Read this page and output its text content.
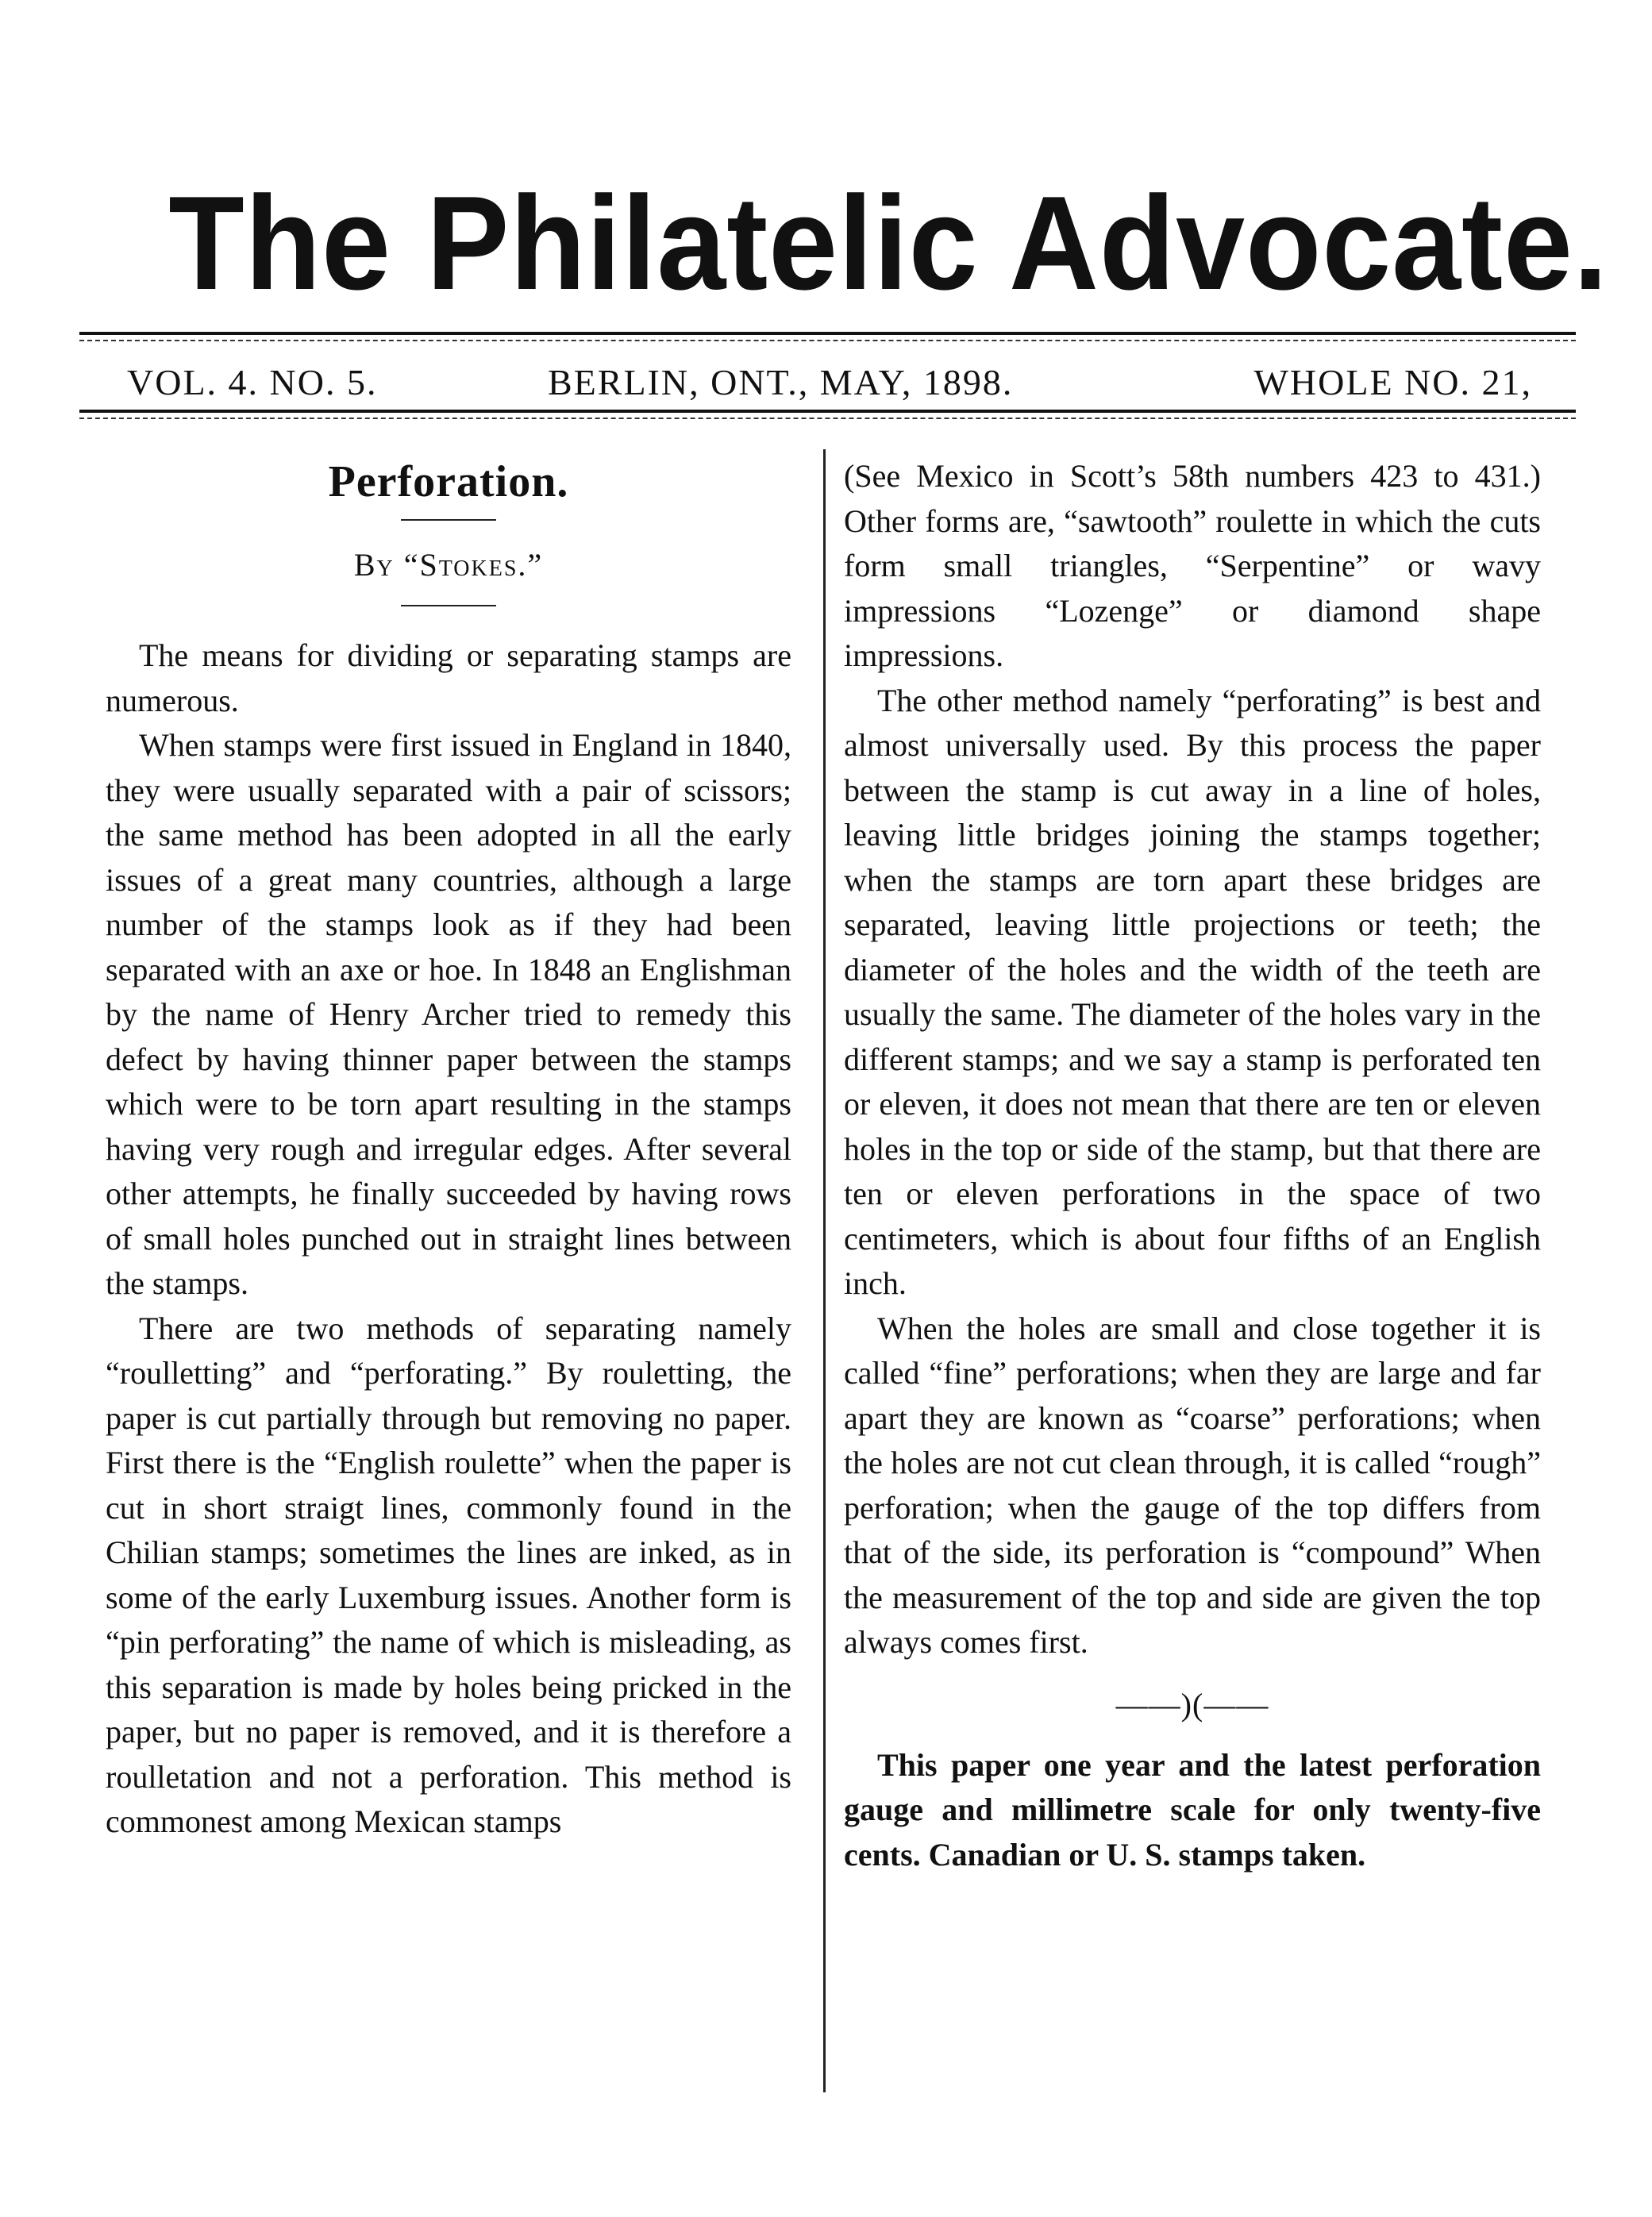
The Philatelic Advocate.
VOL. 4. NO. 5.	BERLIN, ONT., MAY, 1898.	WHOLE NO. 21,
Perforation.
By “Stokes.”

The means for dividing or separating stamps are numerous.

When stamps were first issued in England in 1840, they were usually separated with a pair of scissors; the same method has been adopted in all the early issues of a great many countries, although a large number of the stamps look as if they had been separated with an axe or hoe. In 1848 an Englishman by the name of Henry Archer tried to remedy this defect by having thinner paper between the stamps which were to be torn apart resulting in the stamps having very rough and irregular edges. After several other attempts, he finally succeeded by having rows of small holes punched out in straight lines between the stamps.

There are two methods of separating namely “roulletting” and “perforating.” By rouletting, the paper is cut partially through but removing no paper. First there is the “English roulette” when the paper is cut in short straigt lines, commonly found in the Chilian stamps; sometimes the lines are inked, as in some of the early Luxemburg issues. Another form is “pin perforating” the name of which is misleading, as this separation is made by holes being pricked in the paper, but no paper is removed, and it is therefore a roulletation and not a perforation. This method is commonest among Mexican stamps

(See Mexico in Scott’s 58th numbers 423 to 431.) Other forms are, “sawtooth” roulette in which the cuts form small triangles, “Serpentine” or wavy impressions “Lozenge” or diamond shape impressions.

The other method namely “perforating” is best and almost universally used. By this process the paper between the stamp is cut away in a line of holes, leaving little bridges joining the stamps together; when the stamps are torn apart these bridges are separated, leaving little projections or teeth; the diameter of the holes and the width of the teeth are usually the same. The diameter of the holes vary in the different stamps; and we say a stamp is perforated ten or eleven, it does not mean that there are ten or eleven holes in the top or side of the stamp, but that there are ten or eleven perforations in the space of two centimeters, which is about four fifths of an English inch.

When the holes are small and close together it is called “fine” perforations; when they are large and far apart they are known as “coarse” perforations; when the holes are not cut clean through, it is called “rough” perforation; when the gauge of the top differs from that of the side, its perforation is “compound” When the measurement of the top and side are given the top always comes first.

——)(——

This paper one year and the latest perforation gauge and millimetre scale for only twenty-five cents. Canadian or U. S. stamps taken.
